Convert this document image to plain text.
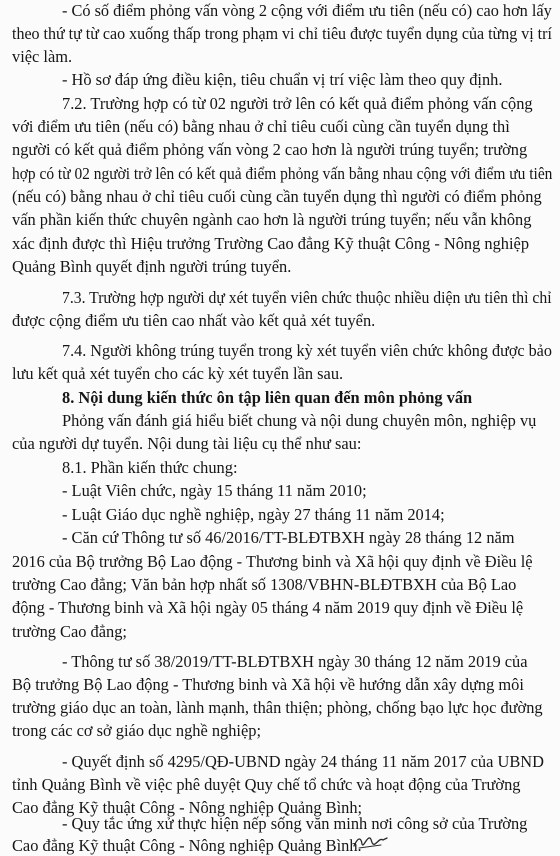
- Có số điểm phỏng vấn vòng 2 cộng với điểm ưu tiên (nếu có) cao hơn lấy
theo thứ tự từ cao xuống thấp trong phạm vi chỉ tiêu được tuyển dụng của từng vị trí
việc làm.
- Hồ sơ đáp ứng điều kiện, tiêu chuẩn vị trí việc làm theo quy định.
7.2. Trường hợp có từ 02 người trở lên có kết quả điểm phỏng vấn cộng
với điểm ưu tiên (nếu có) bằng nhau ở chỉ tiêu cuối cùng cần tuyển dụng thì
người có kết quả điểm phỏng vấn vòng 2 cao hơn là người trúng tuyển; trường
hợp có từ 02 người trở lên có kết quả điểm phỏng vấn bằng nhau cộng với điểm ưu tiên
(nếu có) bằng nhau ở chỉ tiêu cuối cùng cần tuyển dụng thì người có điểm phỏng
vấn phần kiến thức chuyên ngành cao hơn là người trúng tuyển; nếu vẫn không
xác định được thì Hiệu trưởng Trường Cao đẳng Kỹ thuật Công - Nông nghiệp
Quảng Bình quyết định người trúng tuyển.
7.3. Trường hợp người dự xét tuyển viên chức thuộc nhiều diện ưu tiên thì chỉ
được cộng điểm ưu tiên cao nhất vào kết quả xét tuyển.
7.4. Người không trúng tuyển trong kỳ xét tuyển viên chức không được bảo
lưu kết quả xét tuyển cho các kỳ xét tuyển lần sau.
8. Nội dung kiến thức ôn tập liên quan đến môn phỏng vấn
Phỏng vấn đánh giá hiểu biết chung và nội dung chuyên môn, nghiệp vụ
của người dự tuyển. Nội dung tài liệu cụ thể như sau:
8.1. Phần kiến thức chung:
- Luật Viên chức, ngày 15 tháng 11 năm 2010;
- Luật Giáo dục nghề nghiệp, ngày 27 tháng 11 năm 2014;
- Căn cứ Thông tư số 46/2016/TT-BLĐTBXH ngày 28 tháng 12 năm
2016 của Bộ trưởng Bộ Lao động - Thương binh và Xã hội quy định về Điều lệ
trường Cao đẳng; Văn bản hợp nhất số 1308/VBHN-BLĐTBXH của Bộ Lao
động - Thương binh và Xã hội ngày 05 tháng 4 năm 2019 quy định về Điều lệ
trường Cao đẳng;
- Thông tư số 38/2019/TT-BLĐTBXH ngày 30 tháng 12 năm 2019 của
Bộ trưởng Bộ Lao động - Thương binh và Xã hội về hướng dẫn xây dựng môi
trường giáo dục an toàn, lành mạnh, thân thiện; phòng, chống bạo lực học đường
trong các cơ sở giáo dục nghề nghiệp;
- Quyết định số 4295/QĐ-UBND ngày 24 tháng 11 năm 2017 của UBND
tỉnh Quảng Bình về việc phê duyệt Quy chế tổ chức và hoạt động của Trường
Cao đẳng Kỹ thuật Công - Nông nghiệp Quảng Bình;
- Quy tắc ứng xử thực hiện nếp sống văn minh nơi công sở của Trường
Cao đẳng Kỹ thuật Công - Nông nghiệp Quảng Bình.
